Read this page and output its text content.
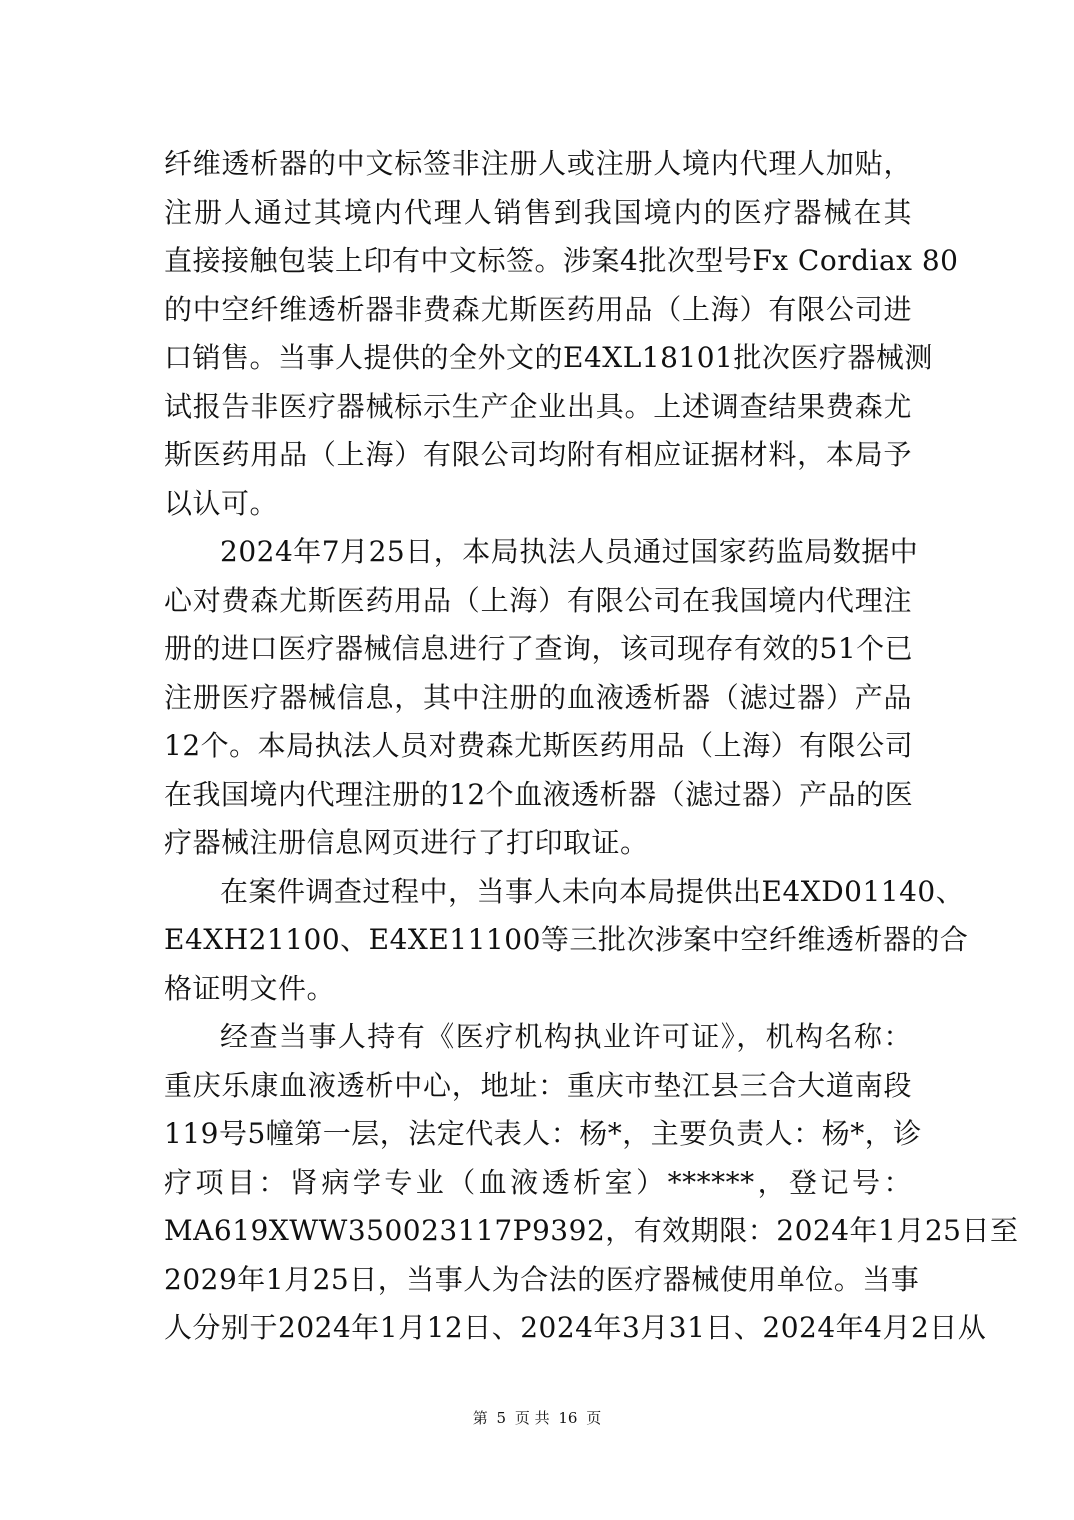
纤维透析器的中文标签非注册人或注册人境内代理人加贴，
注册人通过其境内代理人销售到我国境内的医疗器械在其
直接接触包装上印有中文标签。涉案4批次型号Fx Cordiax 80
的中空纤维透析器非费森尤斯医药用品（上海）有限公司进
口销售。当事人提供的全外文的E4XL18101批次医疗器械测
试报告非医疗器械标示生产企业出具。上述调查结果费森尤
斯医药用品（上海）有限公司均附有相应证据材料，本局予
以认可。
2024年7月25日，本局执法人员通过国家药监局数据中
心对费森尤斯医药用品（上海）有限公司在我国境内代理注
册的进口医疗器械信息进行了查询，该司现存有效的51个已
注册医疗器械信息，其中注册的血液透析器（滤过器）产品
12个。本局执法人员对费森尤斯医药用品（上海）有限公司
在我国境内代理注册的12个血液透析器（滤过器）产品的医
疗器械注册信息网页进行了打印取证。
在案件调查过程中，当事人未向本局提供出E4XD01140、
E4XH21100、E4XE11100等三批次涉案中空纤维透析器的合
格证明文件。
经查当事人持有《医疗机构执业许可证》，机构名称：
重庆乐康血液透析中心，地址：重庆市垫江县三合大道南段
119号5幢第一层，法定代表人：杨*，主要负责人：杨*，诊
疗项目：肾病学专业（血液透析室）******，登记号：
MA619XWW350023117P9392，有效期限：2024年1月25日至
2029年1月25日，当事人为合法的医疗器械使用单位。当事
人分别于2024年1月12日、2024年3月31日、2024年4月2日从
第 5 页 共 16 页
